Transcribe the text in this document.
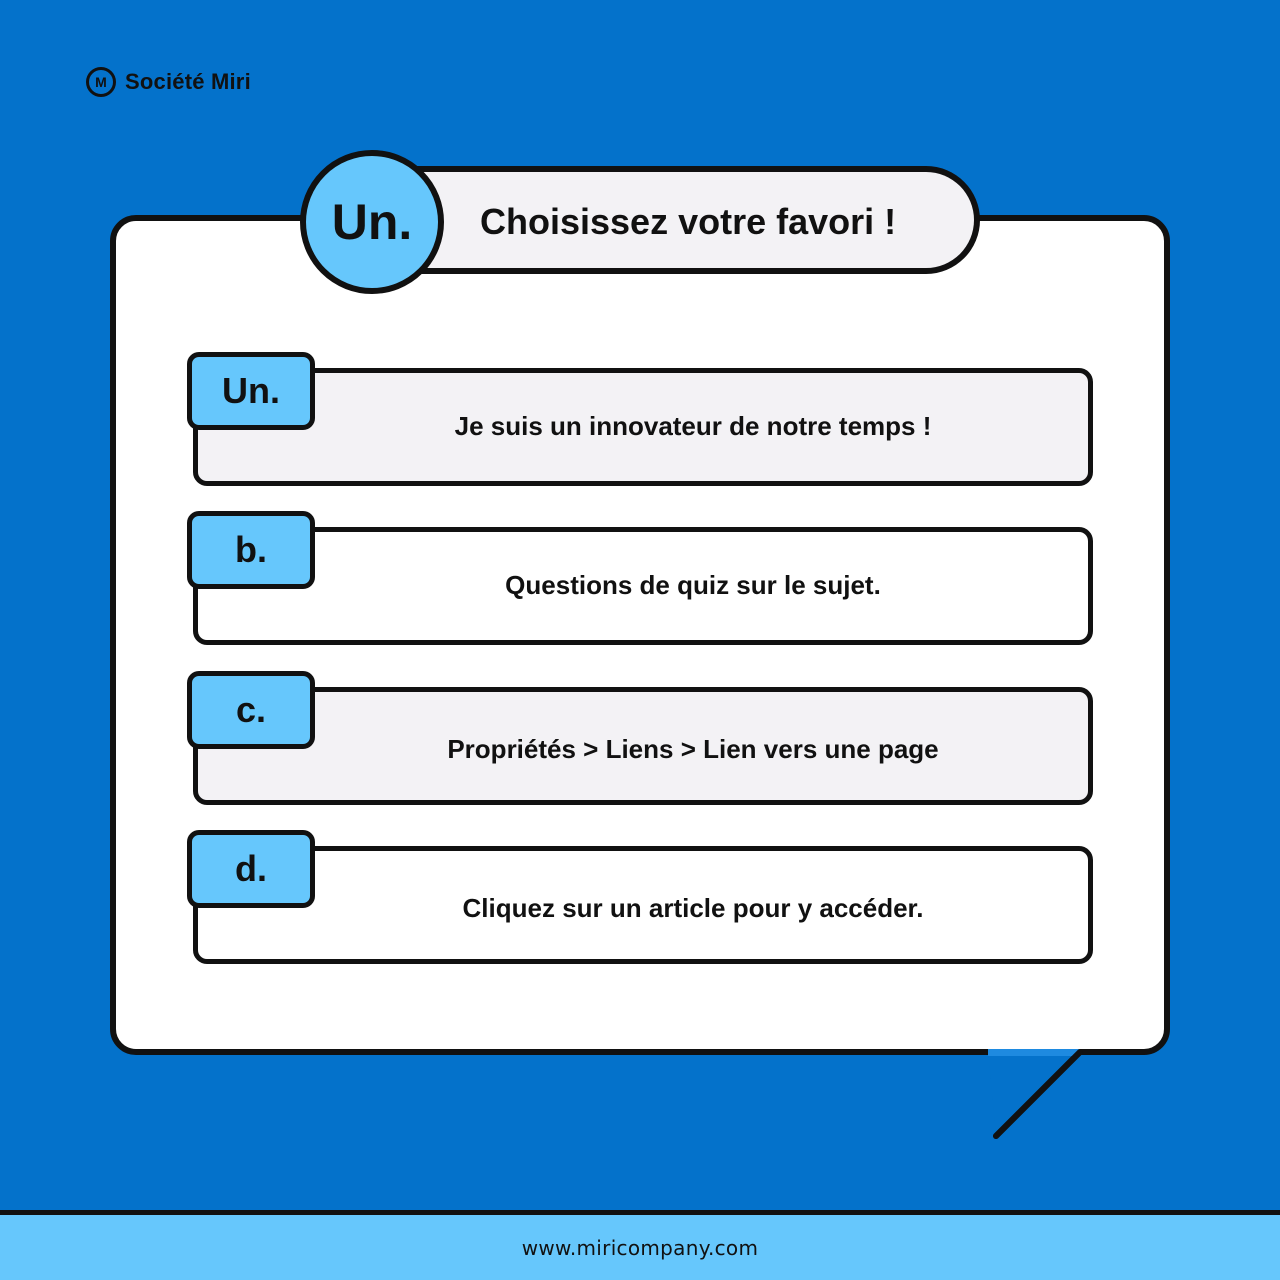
M Société Miri
Choisissez votre favori !
Un.
Je suis un innovateur de notre temps !
Un.
Questions de quiz sur le sujet.
b.
Propriétés > Liens > Lien vers une page
c.
Cliquez sur un article pour y accéder.
d.
www.miricompany.com
